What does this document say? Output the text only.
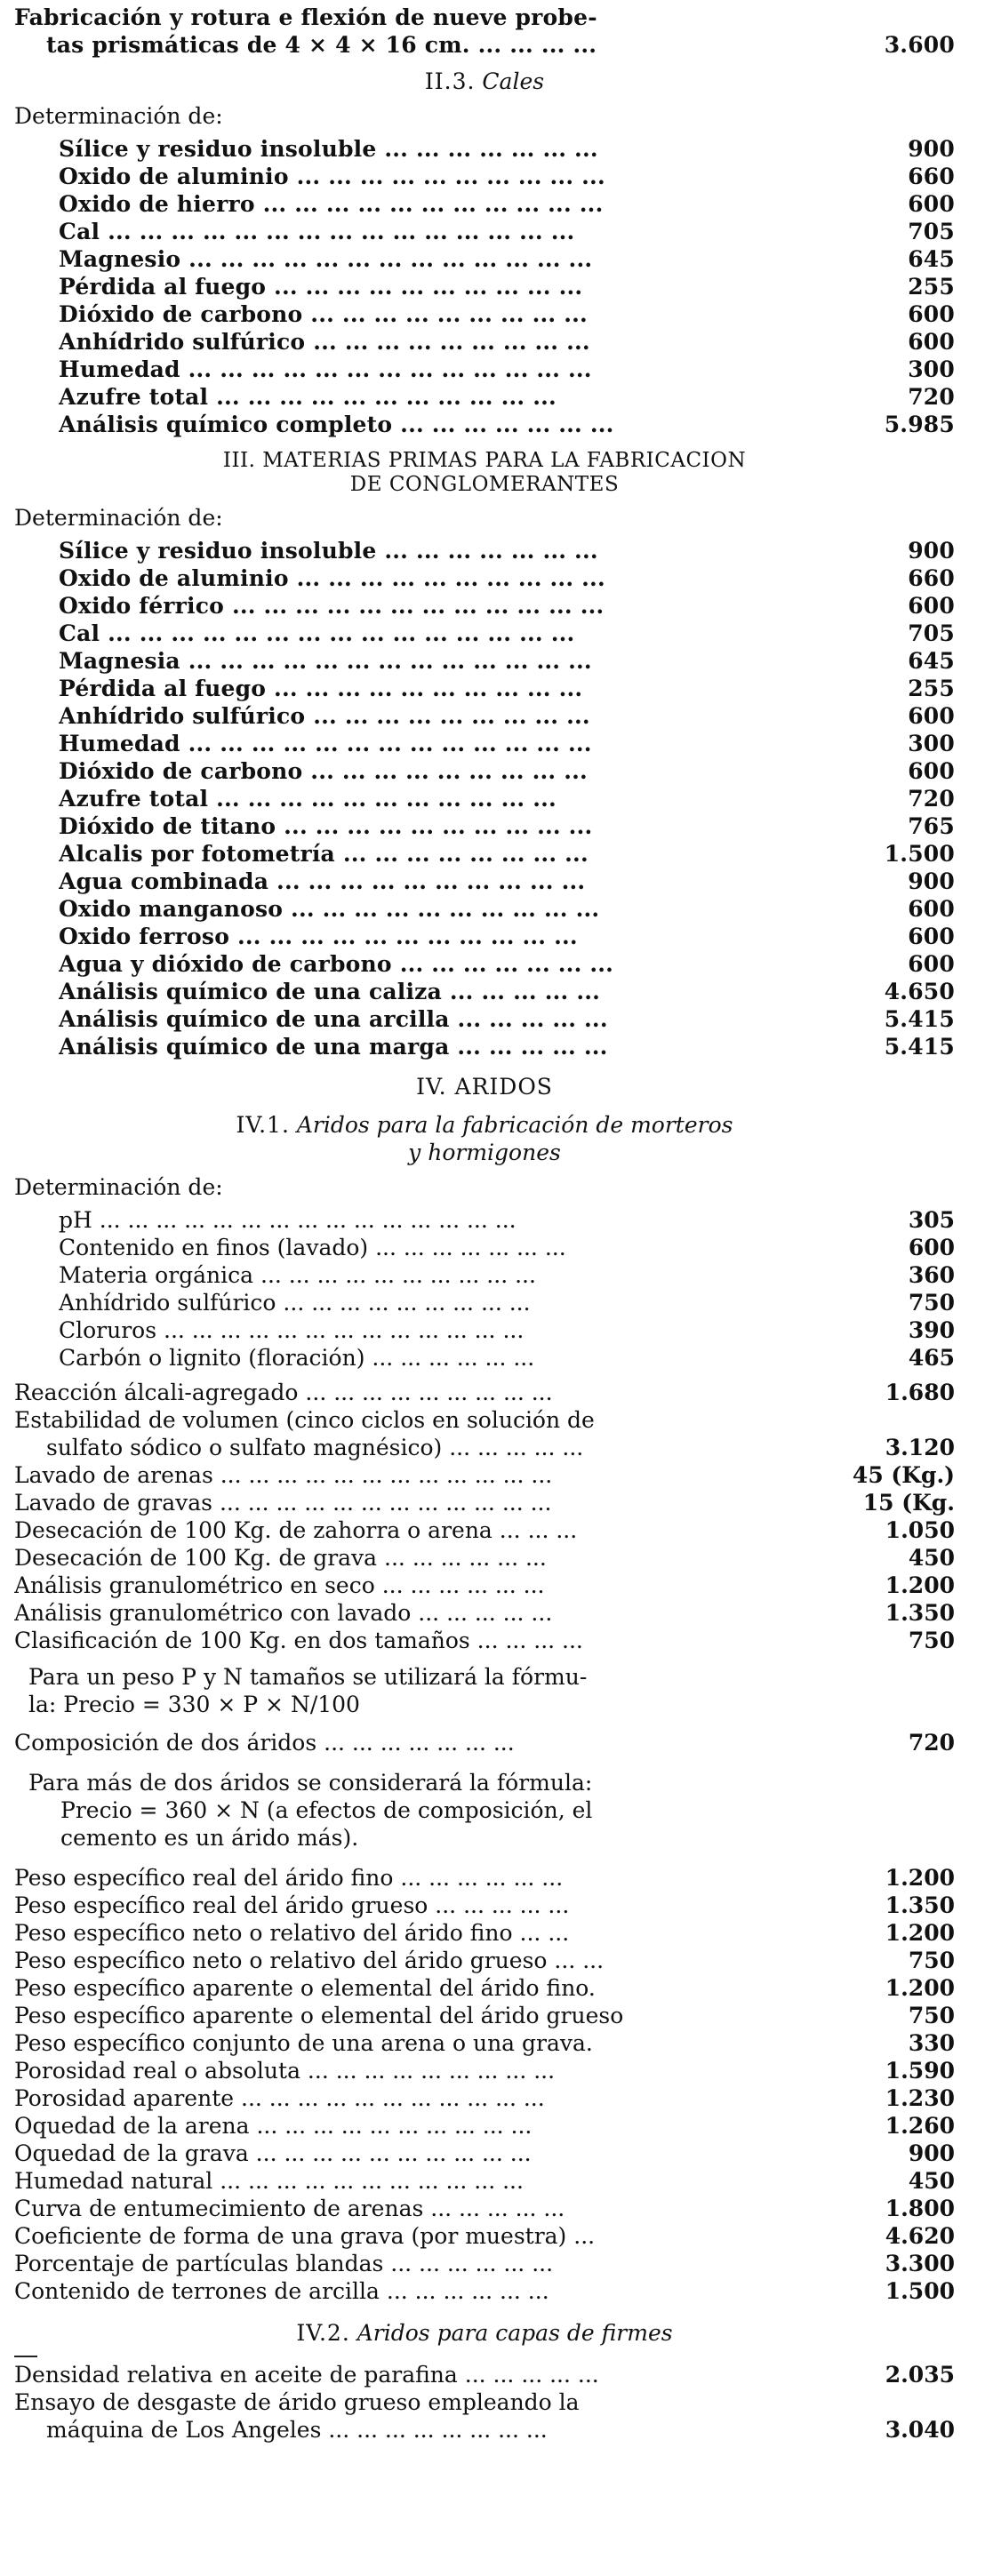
Fabricación y rotura e flexión de nueve probe-
tas prismáticas de 4 × 4 × 16 cm. ... ... ... ...	3.600
II.3. Cales
Determinación de:
Sílice y residuo insoluble ... ... ... ... ... ... ...	900
Oxido de aluminio ... ... ... ... ... ... ... ... ... ...	660
Oxido de hierro ... ... ... ... ... ... ... ... ... ... ...	600
Cal ... ... ... ... ... ... ... ... ... ... ... ... ... ... ...	705
Magnesio ... ... ... ... ... ... ... ... ... ... ... ... ...	645
Pérdida al fuego ... ... ... ... ... ... ... ... ... ...	255
Dióxido de carbono ... ... ... ... ... ... ... ... ...	600
Anhídrido sulfúrico ... ... ... ... ... ... ... ... ...	600
Humedad ... ... ... ... ... ... ... ... ... ... ... ... ...	300
Azufre total ... ... ... ... ... ... ... ... ... ... ...	720
Análisis químico completo ... ... ... ... ... ... ...	5.985
III. MATERIAS PRIMAS PARA LA FABRICACION
DE CONGLOMERANTES
Determinación de:
Sílice y residuo insoluble ... ... ... ... ... ... ...	900
Oxido de aluminio ... ... ... ... ... ... ... ... ... ...	660
Oxido férrico ... ... ... ... ... ... ... ... ... ... ... ...	600
Cal ... ... ... ... ... ... ... ... ... ... ... ... ... ... ...	705
Magnesia ... ... ... ... ... ... ... ... ... ... ... ... ...	645
Pérdida al fuego ... ... ... ... ... ... ... ... ... ...	255
Anhídrido sulfúrico ... ... ... ... ... ... ... ... ...	600
Humedad ... ... ... ... ... ... ... ... ... ... ... ... ...	300
Dióxido de carbono ... ... ... ... ... ... ... ... ...	600
Azufre total ... ... ... ... ... ... ... ... ... ... ...	720
Dióxido de titano ... ... ... ... ... ... ... ... ... ...	765
Alcalis por fotometría ... ... ... ... ... ... ... ...	1.500
Agua combinada ... ... ... ... ... ... ... ... ... ...	900
Oxido manganoso ... ... ... ... ... ... ... ... ... ...	600
Oxido ferroso ... ... ... ... ... ... ... ... ... ... ...	600
Agua y dióxido de carbono ... ... ... ... ... ... ...	600
Análisis químico de una caliza ... ... ... ... ...	4.650
Análisis químico de una arcilla ... ... ... ... ...	5.415
Análisis químico de una marga ... ... ... ... ...	5.415
IV. ARIDOS
IV.1. Aridos para la fabricación de morteros
y hormigones
Determinación de:
pH ... ... ... ... ... ... ... ... ... ... ... ... ... ... ...	305
Contenido en finos (lavado) ... ... ... ... ... ... ...	600
Materia orgánica ... ... ... ... ... ... ... ... ... ...	360
Anhídrido sulfúrico ... ... ... ... ... ... ... ... ...	750
Cloruros ... ... ... ... ... ... ... ... ... ... ... ... ...	390
Carbón o lignito (floración) ... ... ... ... ... ...	465
Reacción álcali-agregado ... ... ... ... ... ... ... ... ...	1.680
Estabilidad de volumen (cinco ciclos en solución de
sulfato sódico o sulfato magnésico) ... ... ... ... ...	3.120
Lavado de arenas ... ... ... ... ... ... ... ... ... ... ... ...	45 (Kg.)
Lavado de gravas ... ... ... ... ... ... ... ... ... ... ... ...	15 (Kg.
Desecación de 100 Kg. de zahorra o arena ... ... ...	1.050
Desecación de 100 Kg. de grava ... ... ... ... ... ...	450
Análisis granulométrico en seco ... ... ... ... ... ...	1.200
Análisis granulométrico con lavado ... ... ... ... ...	1.350
Clasificación de 100 Kg. en dos tamaños ... ... ... ...	750
Para un peso P y N tamaños se utilizará la fórmu-
la: Precio = 330 × P × N/100
Composición de dos áridos ... ... ... ... ... ... ...	720
Para más de dos áridos se considerará la fórmula:
Precio = 360 × N (a efectos de composición, el
cemento es un árido más).
Peso específico real del árido fino ... ... ... ... ... ...	1.200
Peso específico real del árido grueso ... ... ... ... ...	1.350
Peso específico neto o relativo del árido fino ... ...	1.200
Peso específico neto o relativo del árido grueso ... ...	750
Peso específico aparente o elemental del árido fino.	1.200
Peso específico aparente o elemental del árido grueso	750
Peso específico conjunto de una arena o una grava.	330
Porosidad real o absoluta ... ... ... ... ... ... ... ... ...	1.590
Porosidad aparente ... ... ... ... ... ... ... ... ... ... ...	1.230
Oquedad de la arena ... ... ... ... ... ... ... ... ... ...	1.260
Oquedad de la grava ... ... ... ... ... ... ... ... ... ...	900
Humedad natural ... ... ... ... ... ... ... ... ... ... ...	450
Curva de entumecimiento de arenas ... ... ... ... ...	1.800
Coeficiente de forma de una grava (por muestra) ...	4.620
Porcentaje de partículas blandas ... ... ... ... ... ...	3.300
Contenido de terrones de arcilla ... ... ... ... ... ...	1.500
IV.2. Aridos para capas de firmes
Densidad relativa en aceite de parafina ... ... ... ... ...	2.035
Ensayo de desgaste de árido grueso empleando la
máquina de Los Angeles ... ... ... ... ... ... ... ...	3.040
